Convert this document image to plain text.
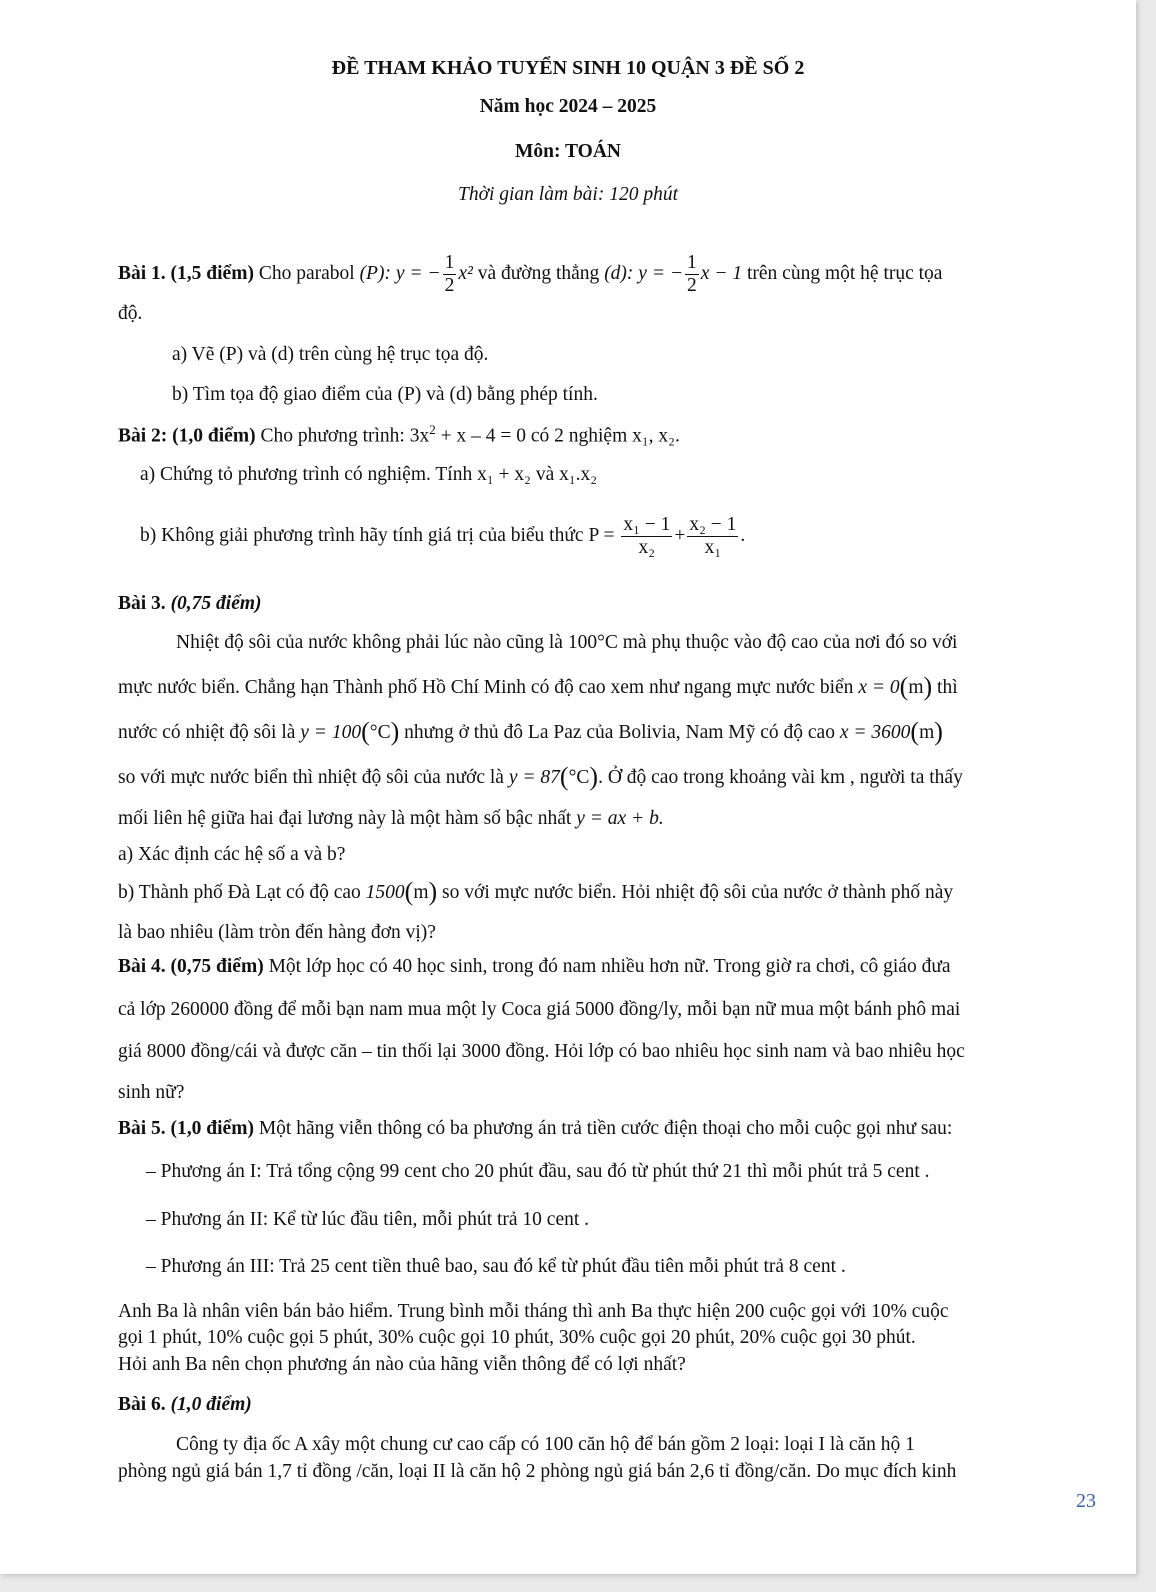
ĐỀ THAM KHẢO TUYỂN SINH 10 QUẬN 3 ĐỀ SỐ 2
Năm học 2024 – 2025
Môn: TOÁN
Thời gian làm bài: 120 phút
Bài 1. (1,5 điểm) Cho parabol (P): y = − $\frac{1}{2} x^2$ và đường thẳng (d): y = − $\frac{1}{2}$ x − 1 trên cùng một hệ trục tọa
độ.
a) Vẽ (P) và (d) trên cùng hệ trục tọa độ.
b) Tìm tọa độ giao điểm của (P) và (d) bằng phép tính.
Bài 2: (1,0 điểm) Cho phương trình: $3x^2 + x - 4 = 0$ có 2 nghiệm x₁, x₂.
a) Chứng tỏ phương trình có nghiệm. Tính x₁ + x₂ và x₁.x₂
b) Không giải phương trình hãy tính giá trị của biểu thức $P = \frac{\text{x₁ − 1}}{\text{x₂}} + \frac{\text{x₂ − 1}}{\text{x₁}}$ .
Bài 3. (0,75 điểm)
Nhiệt độ sôi của nước không phải lúc nào cũng là 100°C mà phụ thuộc vào độ cao của nơi đó so với
mực nước biển. Chẳng hạn Thành phố Hồ Chí Minh có độ cao xem như ngang mực nước biển x = 0(m) thì
nước có nhiệt độ sôi là y = 100(°C) nhưng ở thủ đô La Paz của Bolivia, Nam Mỹ có độ cao x = 3600(m)
so với mực nước biển thì nhiệt độ sôi của nước là y = 87(°C). Ở độ cao trong khoảng vài km , người ta thấy
mối liên hệ giữa hai đại lương này là một hàm số bậc nhất y = ax + b.
a) Xác định các hệ số a và b?
b) Thành phố Đà Lạt có độ cao 1500(m) so với mực nước biển. Hỏi nhiệt độ sôi của nước ở thành phố này
là bao nhiêu (làm tròn đến hàng đơn vị)?
Bài 4. (0,75 điểm) Một lớp học có 40 học sinh, trong đó nam nhiều hơn nữ. Trong giờ ra chơi, cô giáo đưa
cả lớp 260000 đồng để mỗi bạn nam mua một ly Coca giá 5000 đồng/ly, mỗi bạn nữ mua một bánh phô mai
giá 8000 đồng/cái và được căn – tin thối lại 3000 đồng. Hỏi lớp có bao nhiêu học sinh nam và bao nhiêu học
sinh nữ?
Bài 5. (1,0 điểm) Một hãng viễn thông có ba phương án trả tiền cước điện thoại cho mỗi cuộc gọi như sau:
– Phương án I: Trả tổng cộng 99 cent cho 20 phút đầu, sau đó từ phút thứ 21 thì mỗi phút trả 5 cent .
– Phương án II: Kể từ lúc đầu tiên, mỗi phút trả 10 cent .
– Phương án III: Trả 25 cent tiền thuê bao, sau đó kể từ phút đầu tiên mỗi phút trả 8 cent .
Anh Ba là nhân viên bán bảo hiểm. Trung bình mỗi tháng thì anh Ba thực hiện 200 cuộc gọi với 10% cuộc
gọi 1 phút, 10% cuộc gọi 5 phút, 30% cuộc gọi 10 phút, 30% cuộc gọi 20 phút, 20% cuộc gọi 30 phút.
Hỏi anh Ba nên chọn phương án nào của hãng viễn thông để có lợi nhất?
Bài 6. (1,0 điểm)
Công ty địa ốc A xây một chung cư cao cấp có 100 căn hộ để bán gồm 2 loại: loại I là căn hộ 1
phòng ngủ giá bán 1,7 tỉ đồng /căn, loại II là căn hộ 2 phòng ngủ giá bán 2,6 tỉ đồng/căn. Do mục đích kinh
23
